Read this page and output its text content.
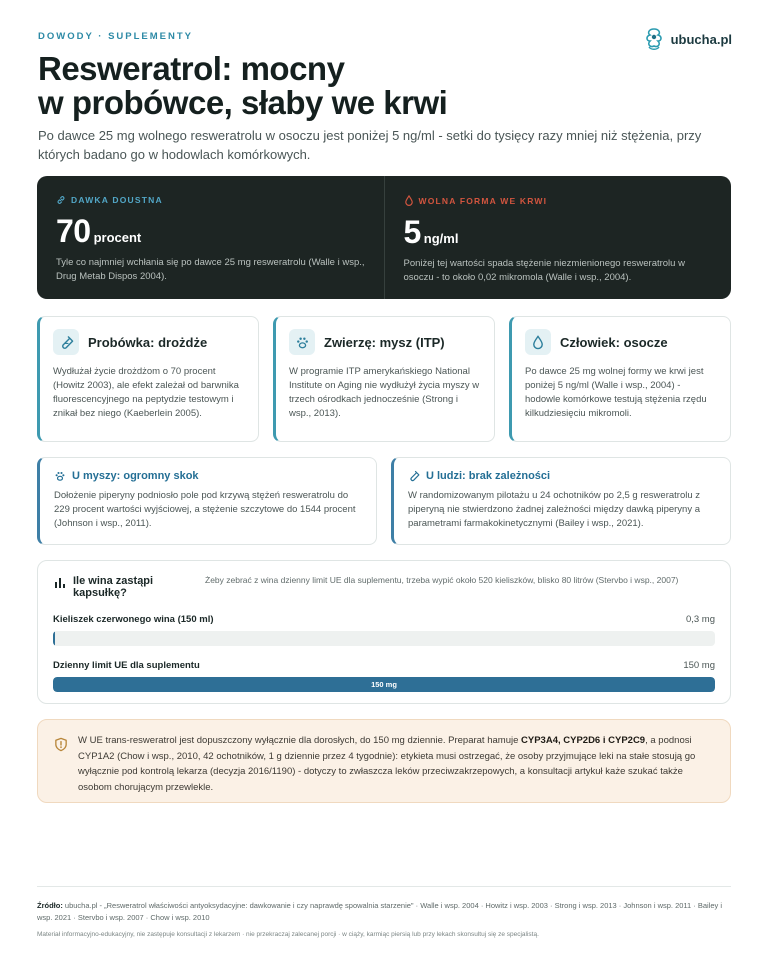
DOWODY · SUPLEMENTY	ubucha.pl
Resweratrol: mocny
w probówce, słaby we krwi

Po dawce 25 mg wolnego resweratrolu w osoczu jest poniżej 5 ng/ml - setki do tysięcy razy mniej niż stężenia, przy których badano go w hodowlach komórkowych.

DAWKA DOUSTNA
70 procent

Tyle co najmniej wchłania się po dawce 25 mg resweratrolu (Walle i wsp., Drug Metab Dispos 2004).

WOLNA FORMA WE KRWI
5 ng/ml

Poniżej tej wartości spada stężenie niezmienionego resweratrolu w osoczu - to około 0,02 mikromola (Walle i wsp., 2004).

Probówka: drożdże

Wydłużał życie drożdżom o 70 procent (Howitz 2003), ale efekt zależał od barwnika fluorescencyjnego na peptydzie testowym i znikał bez niego (Kaeberlein 2005).

Zwierzę: mysz (ITP)

W programie ITP amerykańskiego National Institute on Aging nie wydłużył życia myszy w trzech ośrodkach jednocześnie (Strong i wsp., 2013).

Człowiek: osocze

Po dawce 25 mg wolnej formy we krwi jest poniżej 5 ng/ml (Walle i wsp., 2004) - hodowle komórkowe testują stężenia rzędu kilkudziesięciu mikromoli.

U myszy: ogromny skok

Dołożenie piperyny podniosło pole pod krzywą stężeń resweratrolu do 229 procent wartości wyjściowej, a stężenie szczytowe do 1544 procent (Johnson i wsp., 2011).

U ludzi: brak zależności

W randomizowanym pilotażu u 24 ochotników po 2,5 g resweratrolu z piperyną nie stwierdzono żadnej zależności między dawką piperyny a parametrami farmakokinetycznymi (Bailey i wsp., 2021).

Ile wina zastąpi
kapsułkę?

Żeby zebrać z wina dzienny limit UE dla suplementu, trzeba wypić około 520 kieliszków, blisko 80 litrów (Stervbo i wsp., 2007)

Kieliszek czerwonego wina (150 ml)	0,3 mg
Dzienny limit UE dla suplementu	150 mg
150 mg

W UE trans-resweratrol jest dopuszczony wyłącznie dla dorosłych, do 150 mg dziennie. Preparat hamuje CYP3A4, CYP2D6 i CYP2C9, a podnosi CYP1A2 (Chow i wsp., 2010, 42 ochotników, 1 g dziennie przez 4 tygodnie): etykieta musi ostrzegać, że osoby przyjmujące leki na stałe stosują go wyłącznie pod kontrolą lekarza (decyzja 2016/1190) - dotyczy to zwłaszcza leków przeciwzakrzepowych, a konsultacji artykuł każe szukać także osobom chorującym przewlekle.

Źródło: ubucha.pl - „Resweratrol właściwości antyoksydacyjne: dawkowanie i czy naprawdę spowalnia starzenie" · Walle i wsp. 2004 · Howitz i wsp. 2003 · Strong i wsp. 2013 · Johnson i wsp. 2011 · Bailey i wsp. 2021 · Stervbo i wsp. 2007 · Chow i wsp. 2010

Materiał informacyjno-edukacyjny, nie zastępuje konsultacji z lekarzem · nie przekraczaj zalecanej porcji · w ciąży, karmiąc piersią lub przy lekach skonsultuj się ze specjalistą.
